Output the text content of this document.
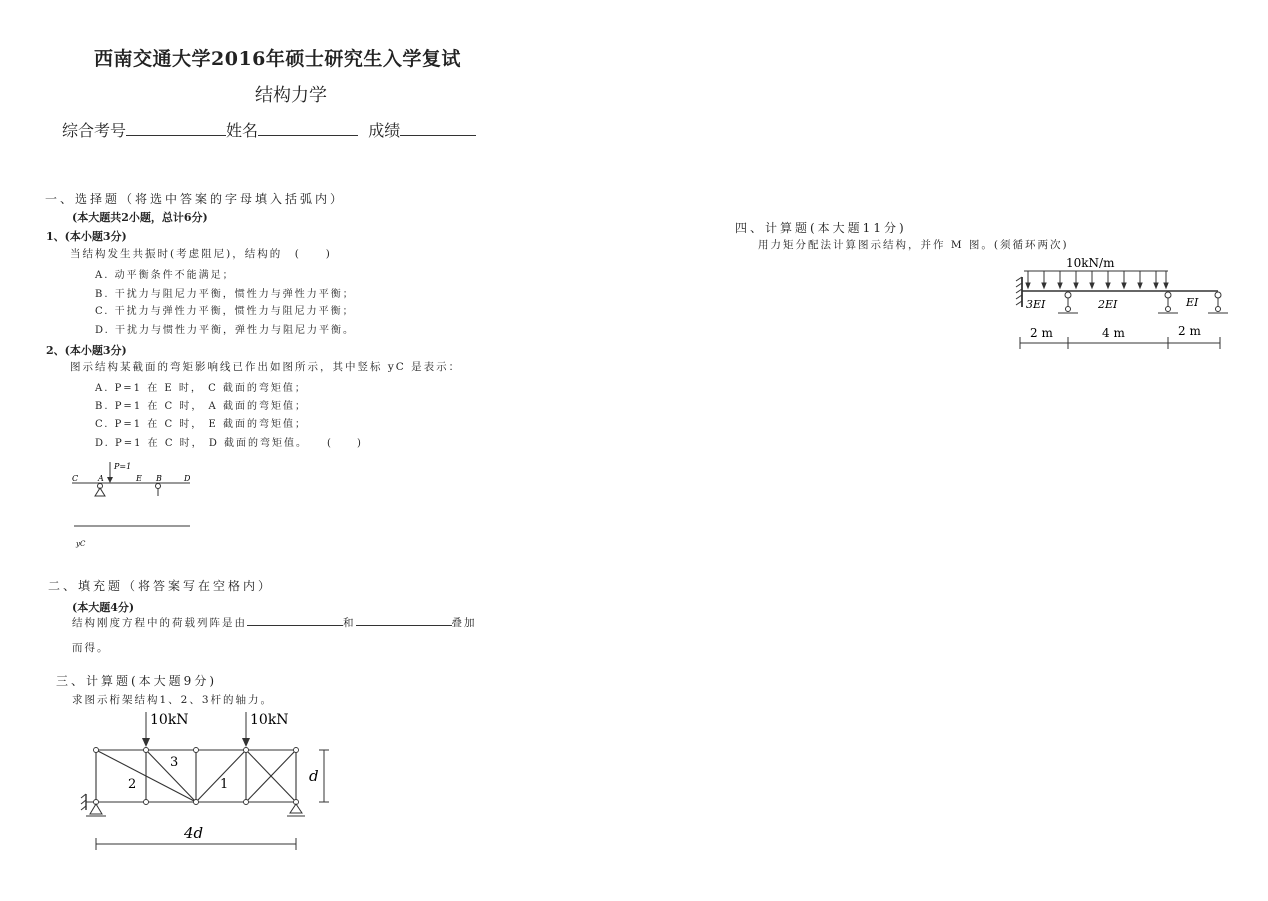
西南交通大学2016年硕士研究生入学复试
结构力学
综合考号	姓名	成绩
一、选择题（将选中答案的字母填入括弧内）
(本大题共2小题，总计6分)
1、(本小题3分)
当结构发生共振时(考虑阻尼)，结构的　(　　)
A. 动平衡条件不能满足；
B. 干扰力与阻尼力平衡，惯性力与弹性力平衡；
C. 干扰力与弹性力平衡，惯性力与阻尼力平衡；
D. 干扰力与惯性力平衡，弹性力与阻尼力平衡。
2、(本小题3分)
图示结构某截面的弯矩影响线已作出如图所示，其中竖标 yC 是表示：
A. P=1 在 E 时， C 截面的弯矩值；
B. P=1 在 C 时， A 截面的弯矩值；
C. P=1 在 C 时， E 截面的弯矩值；
D. P=1 在 C 时， D 截面的弯矩值。　　(　　)
P=1
C A	E B	D
yC
二、填充题（将答案写在空格内）
(本大题4分)
结构刚度方程中的荷载列阵是由	和	叠加
而得。
三、计算题(本大题9分)
求图示桁架结构1、2、3杆的轴力。
10kN	10kN
1
2
3
d
4d
四、计算题(本大题11分)
用力矩分配法计算图示结构，并作 M 图。(须循环两次)
10kN/m
3EI	2EI	EI
2 m	4 m	2 m
